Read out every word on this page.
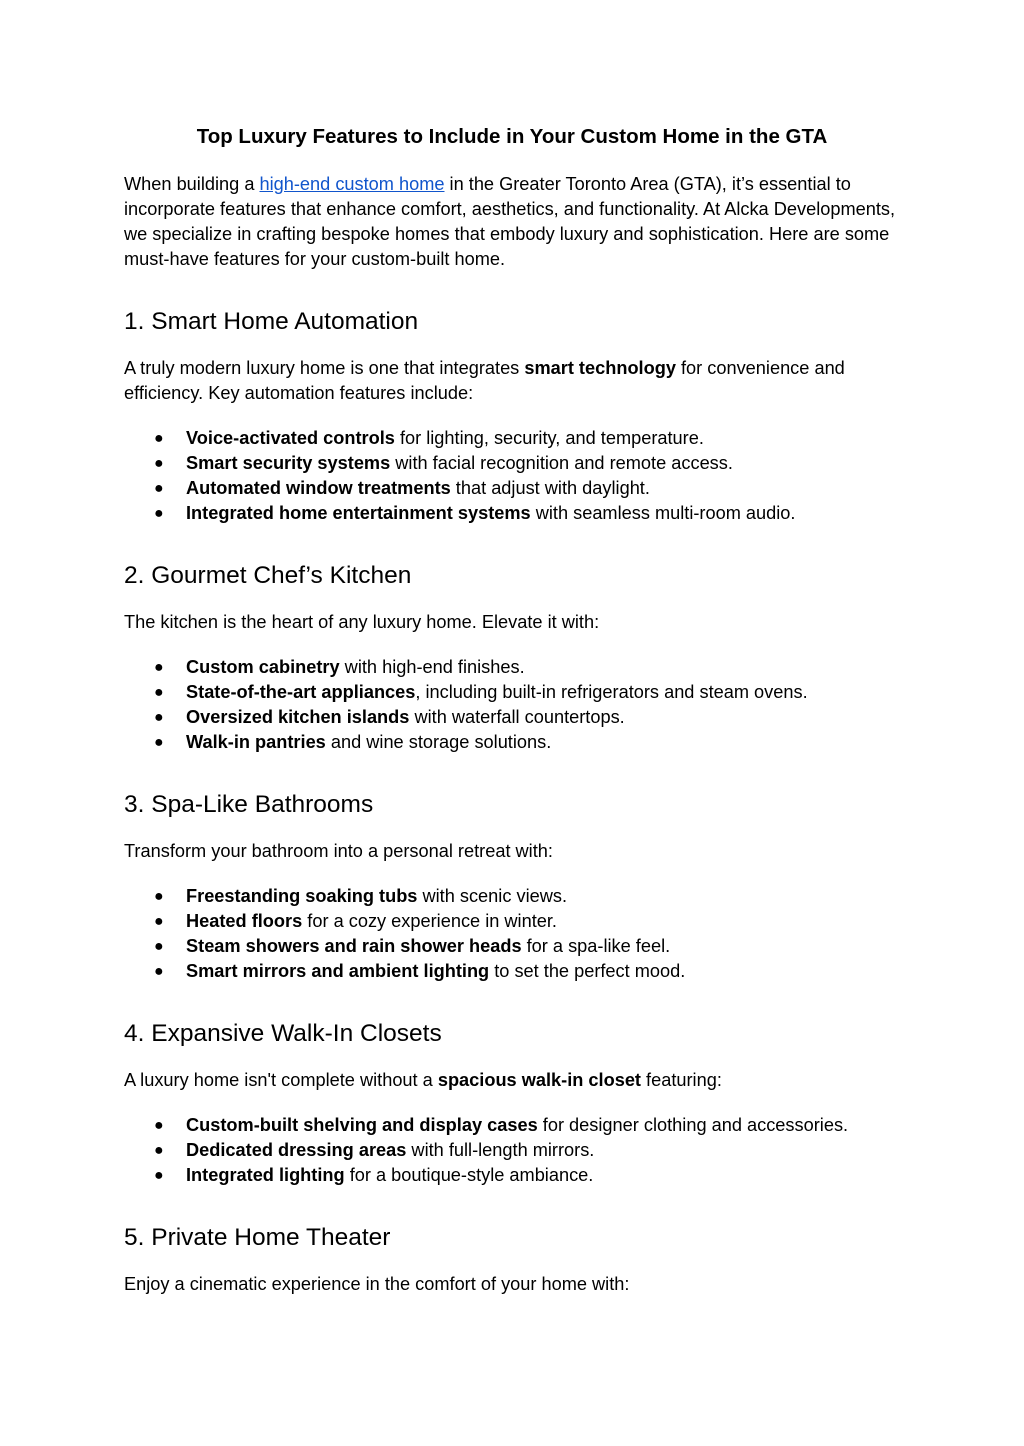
Top Luxury Features to Include in Your Custom Home in the GTA

When building a high-end custom home in the Greater Toronto Area (GTA), it’s essential to incorporate features that enhance comfort, aesthetics, and functionality. At Alcka Developments, we specialize in crafting bespoke homes that embody luxury and sophistication. Here are some must-have features for your custom-built home.

1. Smart Home Automation

A truly modern luxury home is one that integrates smart technology for convenience and efficiency. Key automation features include:

● Voice-activated controls for lighting, security, and temperature.
● Smart security systems with facial recognition and remote access.
● Automated window treatments that adjust with daylight.
● Integrated home entertainment systems with seamless multi-room audio.
2. Gourmet Chef’s Kitchen

The kitchen is the heart of any luxury home. Elevate it with:

● Custom cabinetry with high-end finishes.
● State-of-the-art appliances, including built-in refrigerators and steam ovens.
● Oversized kitchen islands with waterfall countertops.
● Walk-in pantries and wine storage solutions.
3. Spa-Like Bathrooms

Transform your bathroom into a personal retreat with:

● Freestanding soaking tubs with scenic views.
● Heated floors for a cozy experience in winter.
● Steam showers and rain shower heads for a spa-like feel.
● Smart mirrors and ambient lighting to set the perfect mood.
4. Expansive Walk-In Closets

A luxury home isn't complete without a spacious walk-in closet featuring:

● Custom-built shelving and display cases for designer clothing and accessories.
● Dedicated dressing areas with full-length mirrors.
● Integrated lighting for a boutique-style ambiance.
5. Private Home Theater

Enjoy a cinematic experience in the comfort of your home with:
